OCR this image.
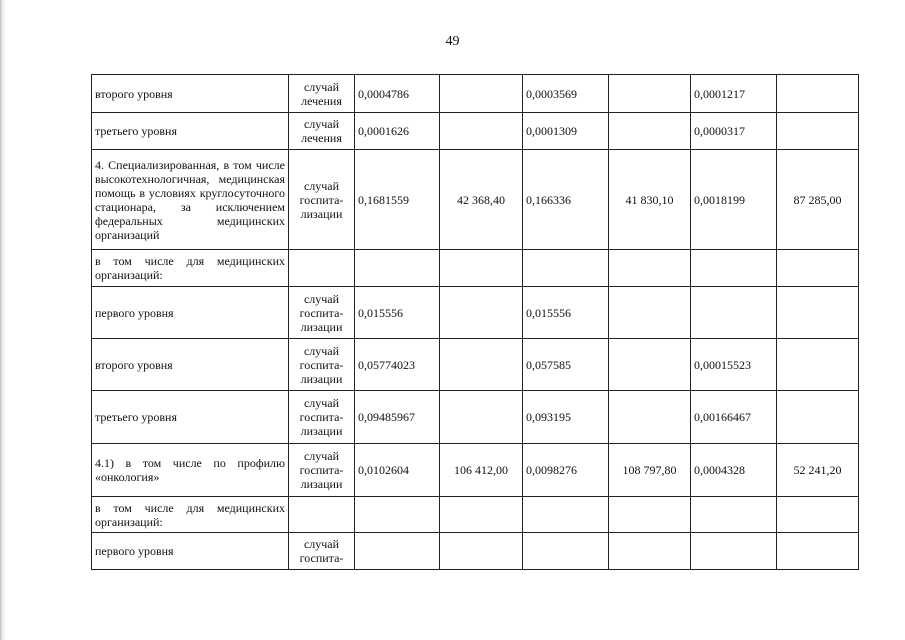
49
второго уровня	случай лечения	0,0004786		0,0003569		0,0001217	
третьего уровня	случай лечения	0,0001626		0,0001309		0,0000317	
4. Специализированная, в том числе высокотехнологичная, медицинская помощь в условиях круглосуточного стационара, за исключением федеральных медицинских организаций	случай госпита-лизации	0,1681559	42 368,40	0,166336	41 830,10	0,0018199	87 285,00
в том числе для медицинских организаций:							
первого уровня	случай госпита-лизации	0,015556		0,015556			
второго уровня	случай госпита-лизации	0,05774023		0,057585		0,00015523	
третьего уровня	случай госпита-лизации	0,09485967		0,093195		0,00166467	
4.1) в том числе по профилю «онкология»	случай госпита-лизации	0,0102604	106 412,00	0,0098276	108 797,80	0,0004328	52 241,20
в том числе для медицинских организаций:							
первого уровня	случай госпита-						
